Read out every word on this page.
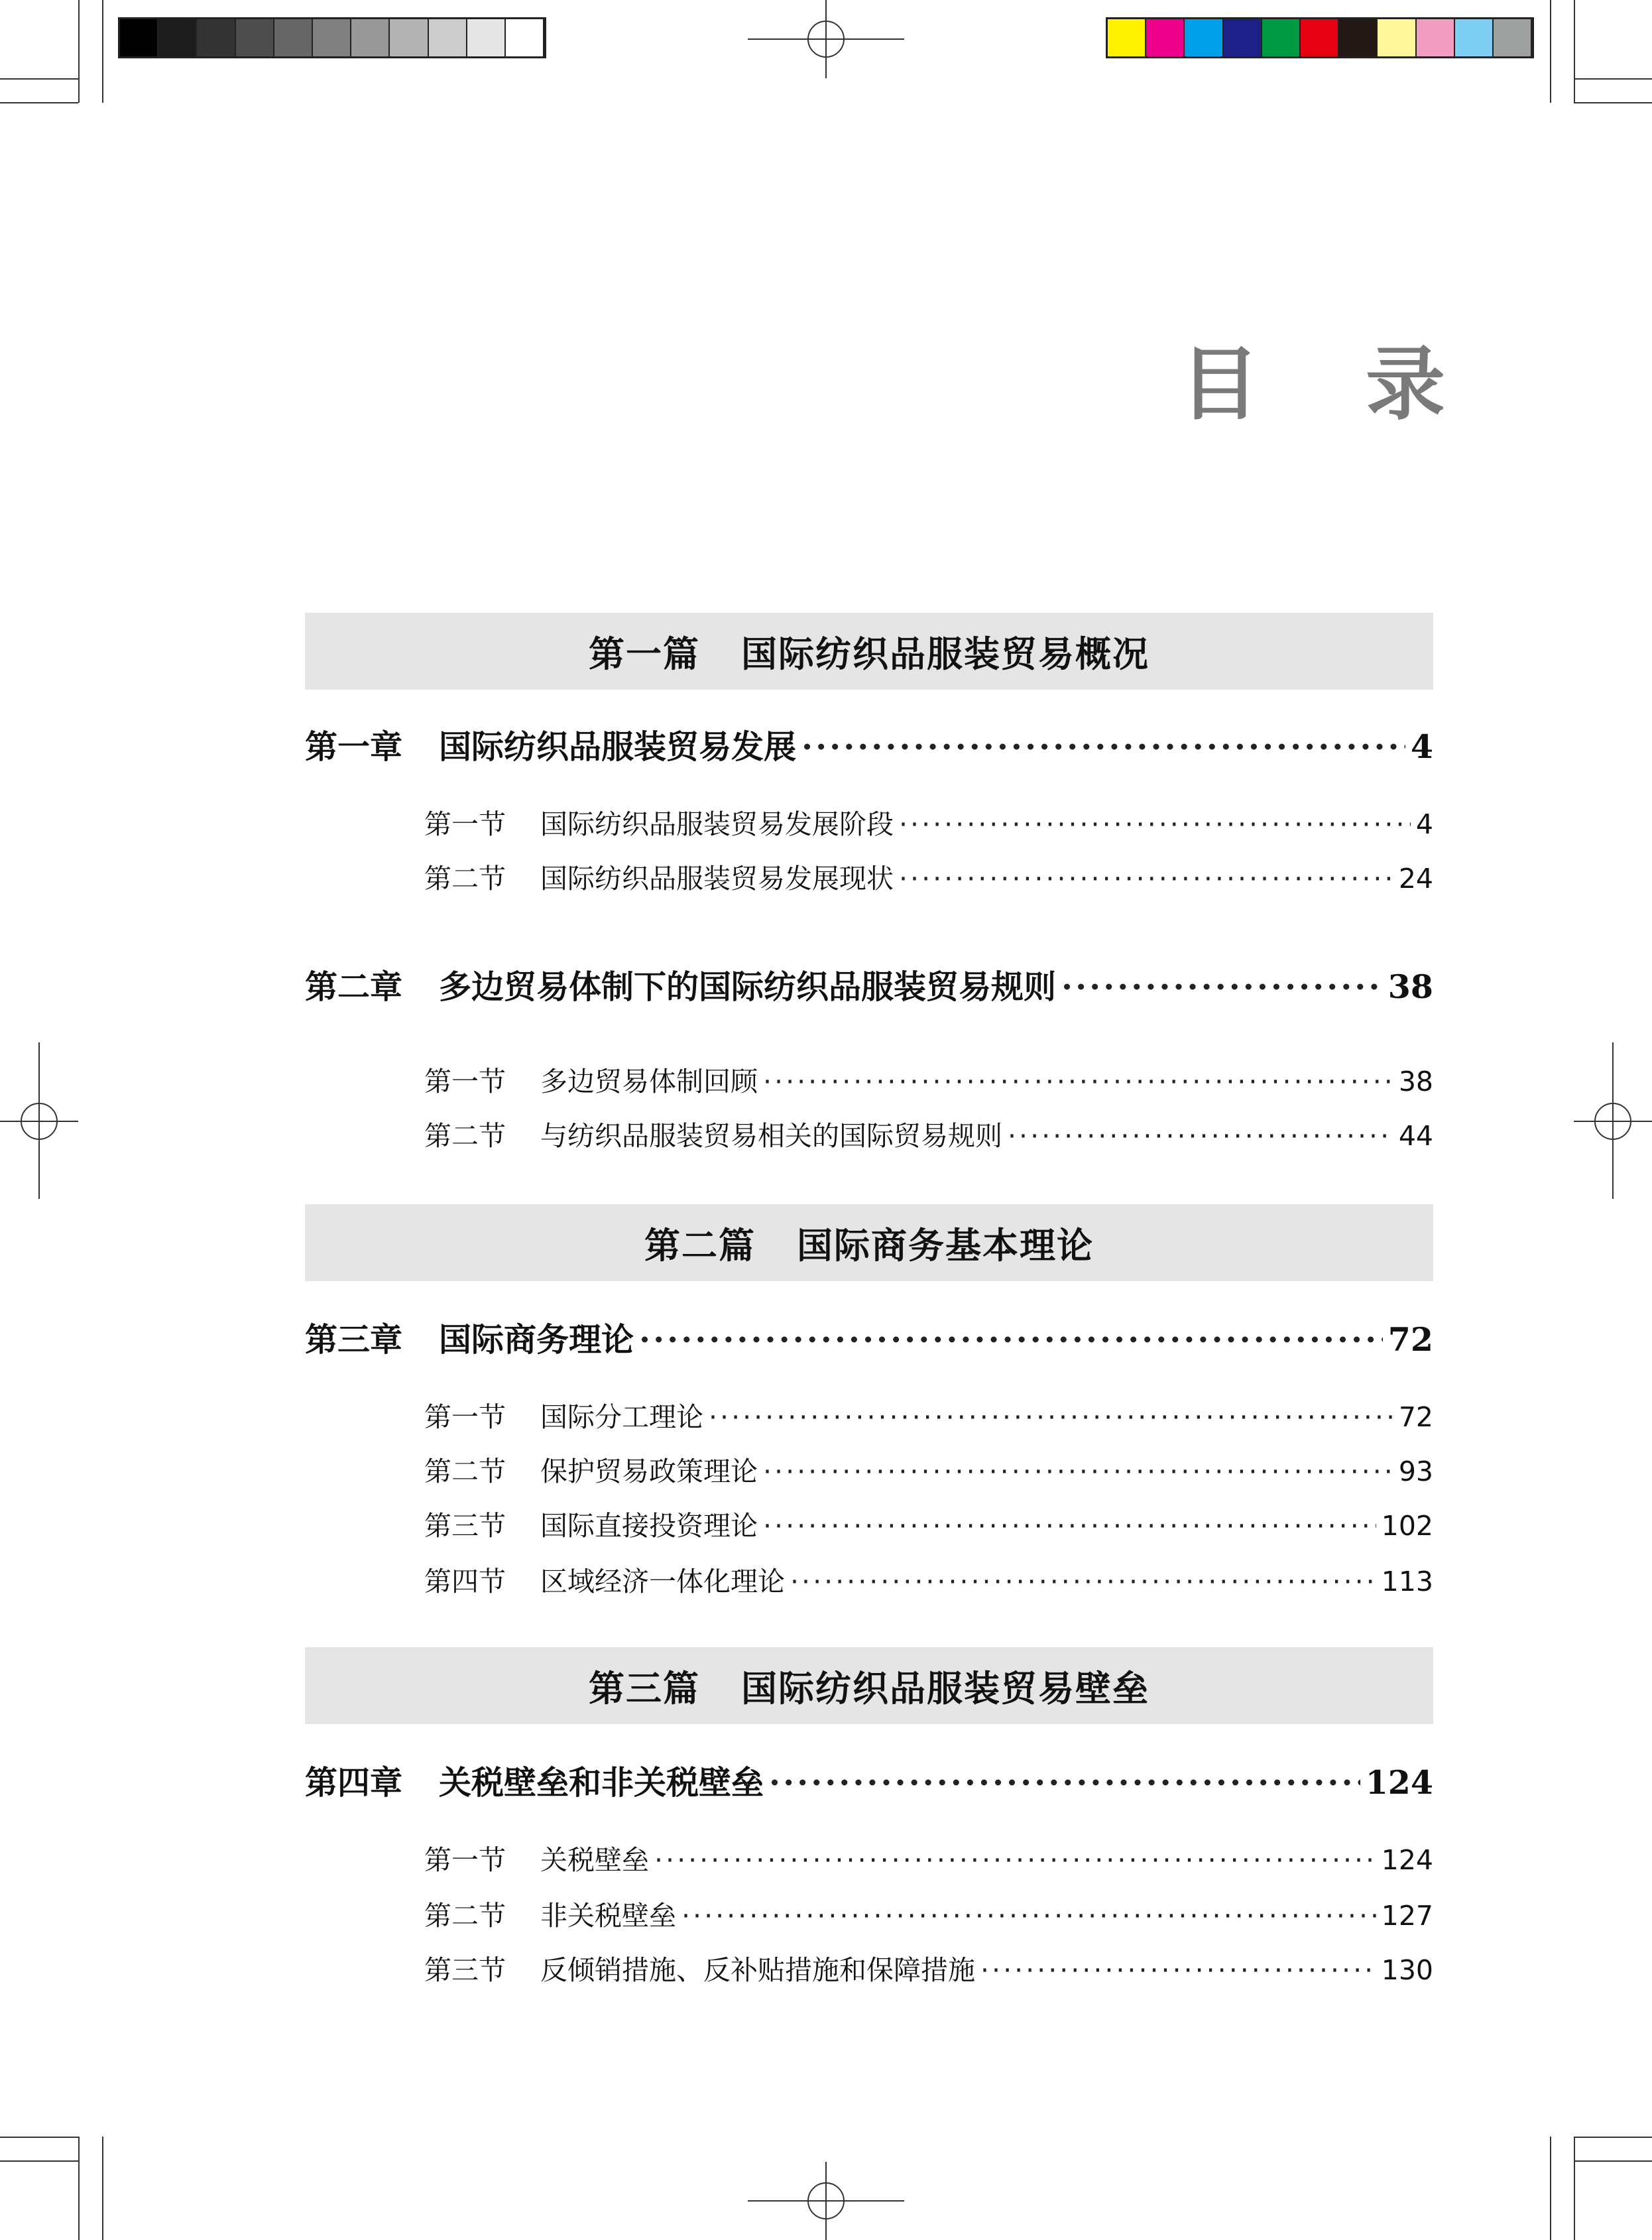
目 录
第一篇 国际纺织品服装贸易概况
第一章	国际纺织品服装贸易发展 ·····	4
第一节	国际纺织品服装贸易发展阶段 ·····	4
第二节	国际纺织品服装贸易发展现状 ·····	24
第二章	多边贸易体制下的国际纺织品服装贸易规则 ·····	38
第一节	多边贸易体制回顾 ·····	38
第二节	与纺织品服装贸易相关的国际贸易规则 ·····	44
第二篇 国际商务基本理论
第三章	国际商务理论 ·····	72
第一节	国际分工理论 ·····	72
第二节	保护贸易政策理论 ·····	93
第三节	国际直接投资理论 ·····	102
第四节	区域经济一体化理论 ·····	113
第三篇 国际纺织品服装贸易壁垒
第四章	关税壁垒和非关税壁垒 ·····	124
第一节	关税壁垒 ·····	124
第二节	非关税壁垒 ·····	127
第三节	反倾销措施、反补贴措施和保障措施 ·····	130
